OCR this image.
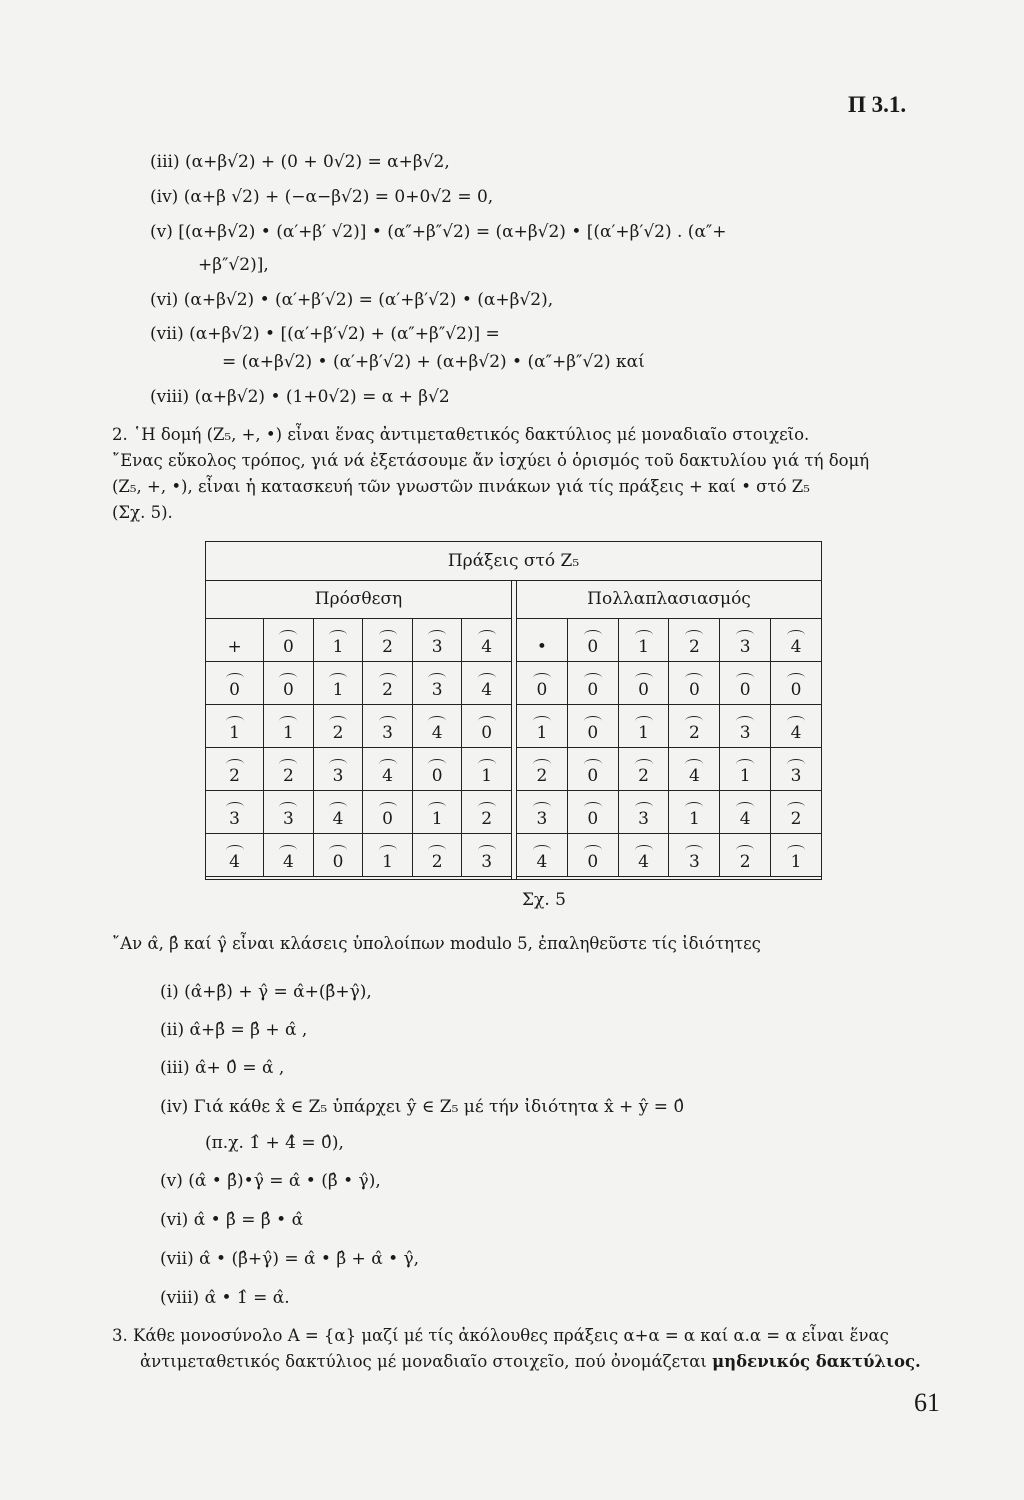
Π 3.1.
(iii) (α+β√2) + (0 + 0√2) = α+β√2,
(iv) (α+β √2) + (−α−β√2) = 0+0√2 = 0,
(v) [(α+β√2) • (α′+β′ √2)] • (α″+β″√2) = (α+β√2) • [(α′+β′√2) . (α″+
+β″√2)],
(vi) (α+β√2) • (α′+β′√2) = (α′+β′√2) • (α+β√2),
(vii) (α+β√2) • [(α′+β′√2) + (α″+β″√2)] =
= (α+β√2) • (α′+β′√2) + (α+β√2) • (α″+β″√2) καί
(viii) (α+β√2) • (1+0√2) = α + β√2
2. ῾Η δομή (Z₅, +, •) εἶναι ἕνας ἀντιμεταθετικός δακτύλιος μέ μοναδιαῖο στοιχεῖο.
῎Ενας εὔκολος τρόπος, γιά νά ἐξετάσουμε ἄν ἰσχύει ὁ ὁρισμός τοῦ δακτυλίου γιά τή δομή
(Z₅, +, •), εἶναι ἡ κατασκευή τῶν γνωστῶν πινάκων γιά τίς πράξεις + καί • στό Z₅
(Σχ. 5).
Πράξεις στό Z₅
Πρόσθεση	Πολλαπλασιασμός
+	0	1	2	3	4
0	0	1	2	3	4
1	1	2	3	4	0
2	2	3	4	0	1
3	3	4	0	1	2
4	4	0	1	2	3
•	0	1	2	3	4
0	0	0	0	0	0
1	0	1	2	3	4
2	0	2	4	1	3
3	0	3	1	4	2
4	0	4	3	2	1
Σχ. 5
῎Αν α̂, β̂ καί γ̂ εἶναι κλάσεις ὑπολοίπων modulo 5, ἐπαληθεῦστε τίς ἰδιότητες
(i) (α̂+β̂) + γ̂ = α̂+(β̂+γ̂),
(ii) α̂+β̂ = β̂ + α̂ ,
(iii) α̂+ 0̂ = α̂ ,
(iv) Γιά κάθε x̂ ∈ Z₅ ὑπάρχει ŷ ∈ Z₅ μέ τήν ἰδιότητα x̂ + ŷ = 0̂
(π.χ. 1̂ + 4̂ = 0̂),
(v) (α̂ • β̂)•γ̂ = α̂ • (β̂ • γ̂),
(vi) α̂ • β̂ = β̂ • α̂
(vii) α̂ • (β̂+γ̂) = α̂ • β̂ + α̂ • γ̂,
(viii) α̂ • 1̂ = α̂.
3. Κάθε μονοσύνολο Α = {α} μαζί μέ τίς ἀκόλουθες πράξεις α+α = α καί α.α = α εἶναι ἕνας
ἀντιμεταθετικός δακτύλιος μέ μοναδιαῖο στοιχεῖο, πού ὀνομάζεται μηδενικός δακτύλιος.
61
